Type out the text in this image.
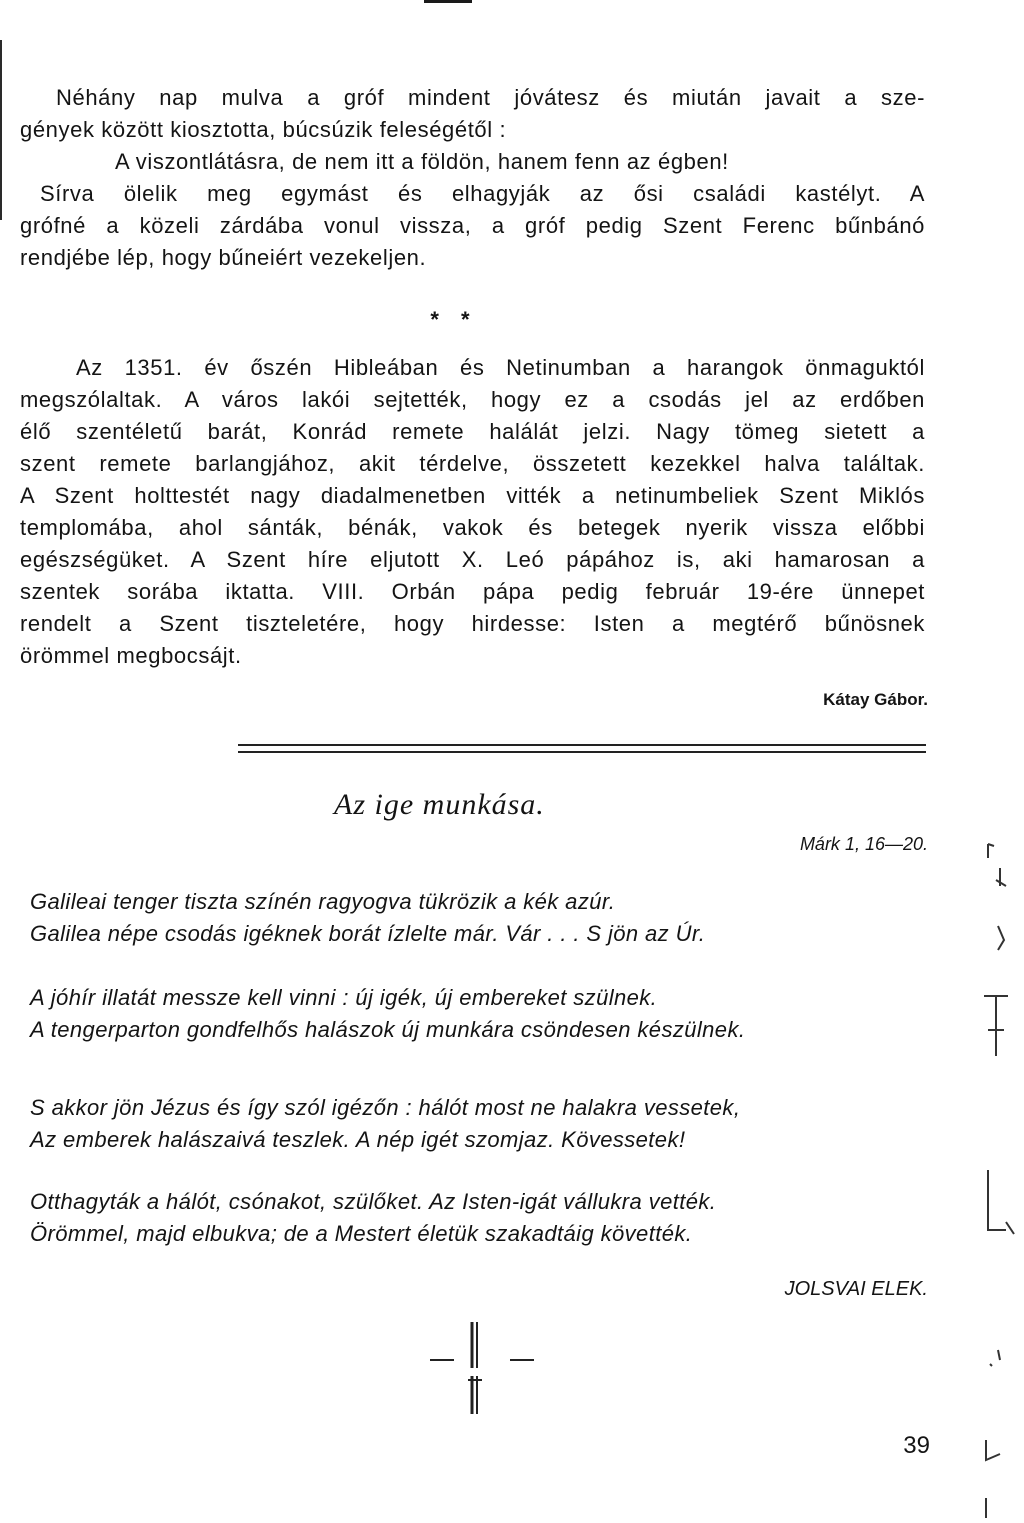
Néhány nap mulva a gróf mindent jóvátesz és miután javait a sze-
gények között kiosztotta, búcsúzik feleségétől :
A viszontlátásra, de nem itt a földön, hanem fenn az égben!
Sírva ölelik meg egymást és elhagyják az ősi családi kastélyt. A
grófné a közeli zárdába vonul vissza, a gróf pedig Szent Ferenc bűnbánó
rendjébe lép, hogy bűneiért vezekeljen.
* *
Az 1351. év őszén Hibleában és Netinumban a harangok önmaguktól
megszólaltak. A város lakói sejtették, hogy ez a csodás jel az erdőben
élő szentéletű barát, Konrád remete halálát jelzi. Nagy tömeg sietett a
szent remete barlangjához, akit térdelve, összetett kezekkel halva találtak.
A Szent holttestét nagy diadalmenetben vitték a netinumbeliek Szent Miklós
templomába, ahol sánták, bénák, vakok és betegek nyerik vissza előbbi
egészségüket. A Szent híre eljutott X. Leó pápához is, aki hamarosan a
szentek sorába iktatta. VIII. Orbán pápa pedig február 19-ére ünnepet
rendelt a Szent tiszteletére, hogy hirdesse: Isten a megtérő bűnösnek
örömmel megbocsájt.
Kátay Gábor.
Az ige munkása.
Márk 1, 16—20.
Galileai tenger tiszta színén ragyogva tükrözik a kék azúr.
Galilea népe csodás igéknek borát ízlelte már. Vár . . . S jön az Úr.
A jóhír illatát messze kell vinni : új igék, új embereket szülnek.
A tengerparton gondfelhős halászok új munkára csöndesen készülnek.
S akkor jön Jézus és így szól igézőn : hálót most ne halakra vessetek,
Az emberek halászaivá teszlek. A nép igét szomjaz. Kövessetek!
Otthagyták a hálót, csónakot, szülőket. Az Isten-igát vállukra vették.
Örömmel, majd elbukva; de a Mestert életük szakadtáig követték.
JOLSVAI ELEK.
39
